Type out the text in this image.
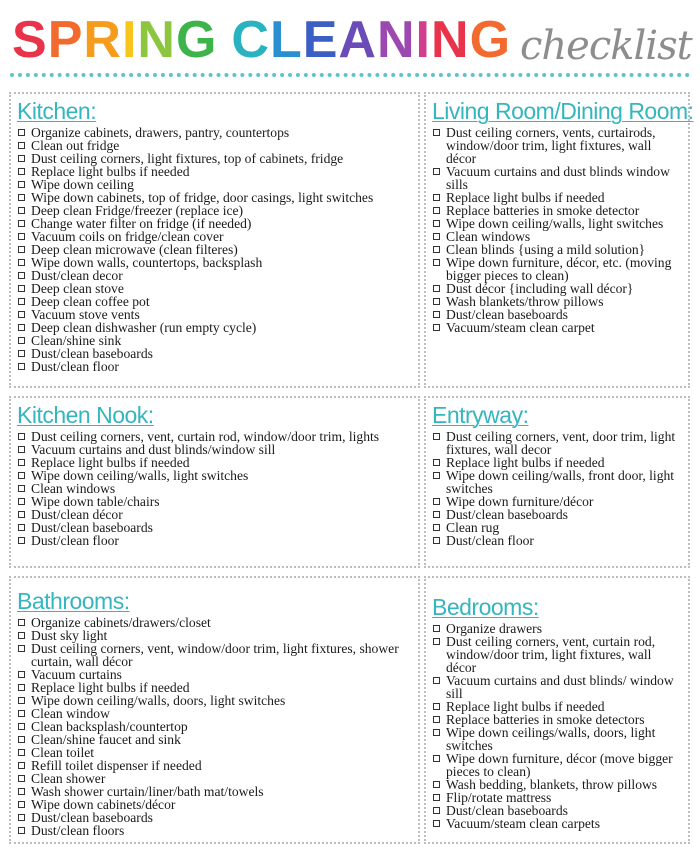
SPRING CLEANING checklist
Kitchen:
Organize cabinets, drawers, pantry, countertops
Clean out fridge
Dust ceiling corners, light fixtures, top of cabinets, fridge
Replace light bulbs if needed
Wipe down ceiling
Wipe down cabinets, top of fridge, door casings, light switches
Deep clean Fridge/freezer (replace ice)
Change water filter on fridge (if needed)
Vacuum coils on fridge/clean cover
Deep clean microwave (clean filteres)
Wipe down walls, countertops, backsplash
Dust/clean decor
Deep clean stove
Deep clean coffee pot
Vacuum stove vents
Deep clean dishwasher (run empty cycle)
Clean/shine sink
Dust/clean baseboards
Dust/clean floor
Living Room/Dining Room:
Dust ceiling corners, vents, curtairods, window/door trim, light fixtures, wall décor
Vacuum curtains and dust blinds window sills
Replace light bulbs if needed
Replace batteries in smoke detector
Wipe down ceiling/walls, light switches
Clean windows
Clean blinds {using a mild solution}
Wipe down furniture, décor, etc. (moving bigger pieces to clean)
Dust décor {including wall décor}
Wash blankets/throw pillows
Dust/clean baseboards
Vacuum/steam clean carpet
Kitchen Nook:
Dust ceiling corners, vent, curtain rod, window/door trim, lights
Vacuum curtains and dust blinds/window sill
Replace light bulbs if needed
Wipe down ceiling/walls, light switches
Clean windows
Wipe down table/chairs
Dust/clean décor
Dust/clean baseboards
Dust/clean floor
Entryway:
Dust ceiling corners, vent, door trim, light fixtures, wall decor
Replace light bulbs if needed
Wipe down ceiling/walls, front door, light switches
Wipe down furniture/décor
Dust/clean baseboards
Clean rug
Dust/clean floor
Bathrooms:
Organize cabinets/drawers/closet
Dust sky light
Dust ceiling corners, vent, window/door trim, light fixtures, shower curtain, wall décor
Vacuum curtains
Replace light bulbs if needed
Wipe down ceiling/walls, doors, light switches
Clean window
Clean backsplash/countertop
Clean/shine faucet and sink
Clean toilet
Refill toilet dispenser if needed
Clean shower
Wash shower curtain/liner/bath mat/towels
Wipe down cabinets/décor
Dust/clean baseboards
Dust/clean floors
Bedrooms:
Organize drawers
Dust ceiling corners, vent, curtain rod, window/door trim, light fixtures, wall décor
Vacuum curtains and dust blinds/ window sill
Replace light bulbs if needed
Replace batteries in smoke detectors
Wipe down ceilings/walls, doors, light switches
Wipe down furniture, décor (move bigger pieces to clean)
Wash bedding, blankets, throw pillows
Flip/rotate mattress
Dust/clean baseboards
Vacuum/steam clean carpets
